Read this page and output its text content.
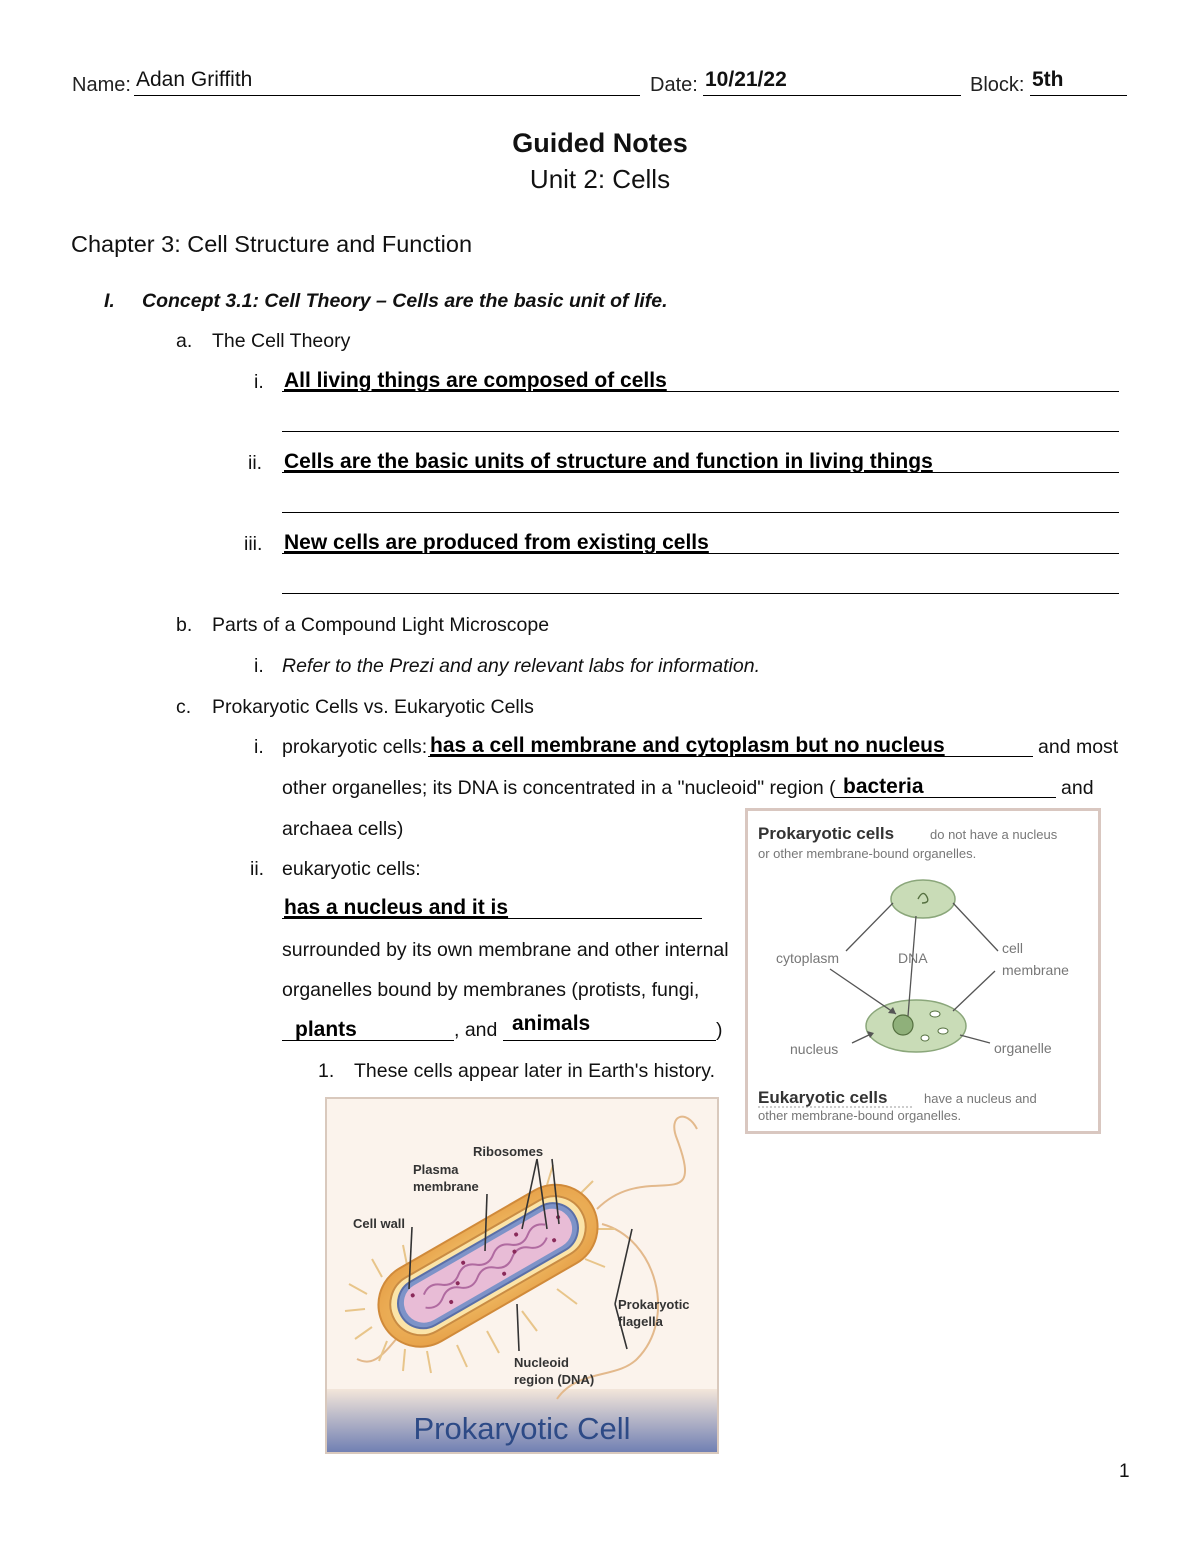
Name: Adan Griffith	Date: 10/21/22	Block: 5th
Guided Notes
Unit 2: Cells
Chapter 3: Cell Structure and Function
I. Concept 3.1: Cell Theory – Cells are the basic unit of life.
a. The Cell Theory
i. All living things are composed of cells
ii. Cells are the basic units of structure and function in living things
iii. New cells are produced from existing cells
b. Parts of a Compound Light Microscope
i. Refer to the Prezi and any relevant labs for information.
c. Prokaryotic Cells vs. Eukaryotic Cells
i. prokaryotic cells: has a cell membrane and cytoplasm but no nucleus	and most
other organelles; its DNA is concentrated in a "nucleoid" region ( bacteria	and
archaea cells)
ii. eukaryotic cells:
has a nucleus and it is
surrounded by its own membrane and other internal
organelles bound by membranes (protists, fungi,
plants	, and animals	)
1. These cells appear later in Earth's history.
Prokaryotic cells	do not have a nucleus
or other membrane-bound organelles.
cytoplasm	DNA
cell
membrane
nucleus	organelle
Eukaryotic cells	have a nucleus and
other membrane-bound organelles.
Ribosomes
Plasma
membrane
Cell wall
Prokaryotic
flagella
Nucleoid
region (DNA)
Prokaryotic Cell
1
